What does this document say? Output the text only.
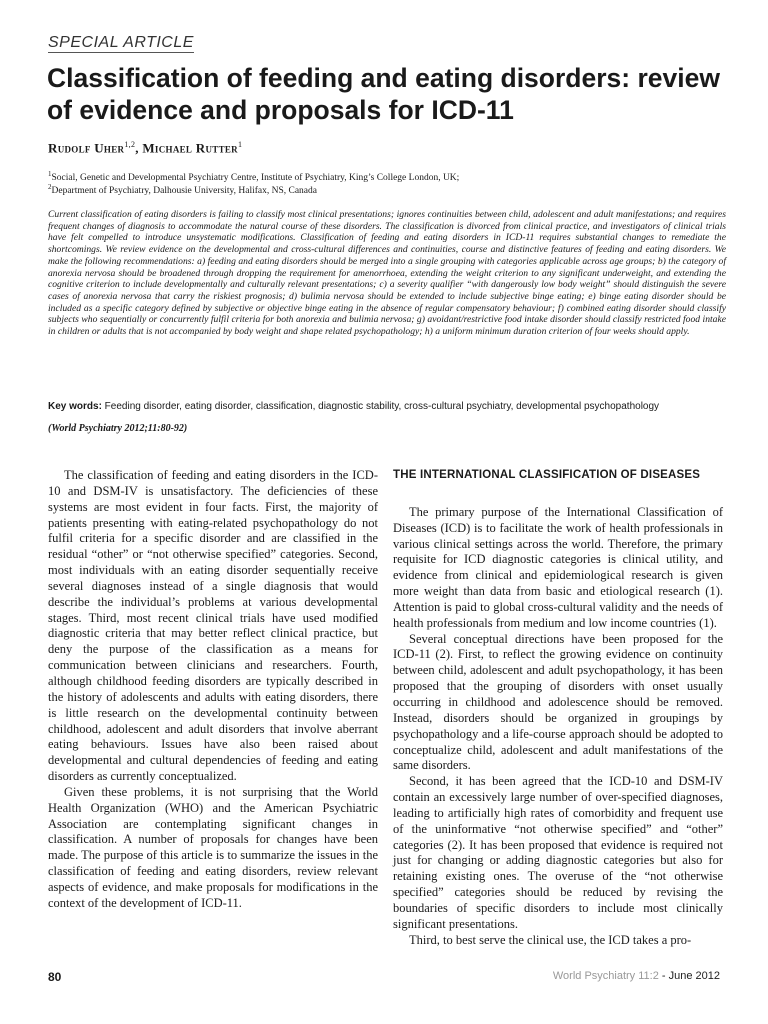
SPECIAL ARTICLE
Classification of feeding and eating disorders: review of evidence and proposals for ICD-11
Rudolf Uher$^{1,2}$, Michael Rutter$^1$
$^1$Social, Genetic and Developmental Psychiatry Centre, Institute of Psychiatry, King’s College London, UK;
$^2$Department of Psychiatry, Dalhousie University, Halifax, NS, Canada

Current classification of eating disorders is failing to classify most clinical presentations; ignores continuities between child, adolescent and adult manifestations; and requires frequent changes of diagnosis to accommodate the natural course of these disorders. The classification is divorced from clinical practice, and investigators of clinical trials have felt compelled to introduce unsystematic modifications. Classification of feeding and eating disorders in ICD-11 requires substantial changes to remediate the shortcomings. We review evidence on the developmental and cross-cultural differences and continuities, course and distinctive features of feeding and eating disorders. We make the following recommendations: a) feeding and eating disorders should be merged into a single grouping with categories applicable across age groups; b) the category of anorexia nervosa should be broadened through dropping the requirement for amenorrhoea, extending the weight criterion to any significant underweight, and extending the cognitive criterion to include developmentally and culturally relevant presentations; c) a severity qualifier “with dangerously low body weight” should distinguish the severe cases of anorexia nervosa that carry the riskiest prognosis; d) bulimia nervosa should be extended to include subjective binge eating; e) binge eating disorder should be included as a specific category defined by subjective or objective binge eating in the absence of regular compensatory behaviour; f) combined eating disorder should classify subjects who sequentially or concurrently fulfil criteria for both anorexia and bulimia nervosa; g) avoidant/restrictive food intake disorder should classify restricted food intake in children or adults that is not accompanied by body weight and shape related psychopathology; h) a uniform minimum duration criterion of four weeks should apply.

Key words: Feeding disorder, eating disorder, classification, diagnostic stability, cross-cultural psychiatry, developmental psychopathology
(World Psychiatry 2012;11:80-92)

The classification of feeding and eating disorders in the ICD-10 and DSM-IV is unsatisfactory. The deficiencies of these systems are most evident in four facts. First, the majority of patients presenting with eating-related psychopathology do not fulfil criteria for a specific disorder and are classified in the residual “other” or “not otherwise specified” categories. Second, most individuals with an eating disorder sequentially receive several diagnoses instead of a single diagnosis that would describe the individual’s problems at various developmental stages. Third, most recent clinical trials have used modified diagnostic criteria that may better reflect clinical practice, but deny the purpose of the classification as a means for communication between clinicians and researchers. Fourth, although childhood feeding disorders are typically described in the history of adolescents and adults with eating disorders, there is little research on the developmental continuity between childhood, adolescent and adult disorders that involve aberrant eating behaviours. Issues have also been raised about developmental and cultural dependencies of feeding and eating disorders as currently conceptualized.

Given these problems, it is not surprising that the World Health Organization (WHO) and the American Psychiatric Association are contemplating significant changes in classification. A number of proposals for changes have been made. The purpose of this article is to summarize the issues in the classification of feeding and eating disorders, review relevant aspects of evidence, and make proposals for modifications in the context of the development of ICD-11.

THE INTERNATIONAL CLASSIFICATION OF DISEASES

The primary purpose of the International Classification of Diseases (ICD) is to facilitate the work of health professionals in various clinical settings across the world. Therefore, the primary requisite for ICD diagnostic categories is clinical utility, and evidence from clinical and epidemiological research is given more weight than data from basic and etiological research (1). Attention is paid to global cross-cultural validity and the needs of health professionals from medium and low income countries (1).

Several conceptual directions have been proposed for the ICD-11 (2). First, to reflect the growing evidence on continuity between child, adolescent and adult psychopathology, it has been proposed that the grouping of disorders with onset usually occurring in childhood and adolescence should be removed. Instead, disorders should be organized in groupings by psychopathology and a life-course approach should be adopted to conceptualize child, adolescent and adult manifestations of the same disorders.

Second, it has been agreed that the ICD-10 and DSM-IV contain an excessively large number of over-specified diagnoses, leading to artificially high rates of comorbidity and frequent use of the uninformative “not otherwise specified” and “other” categories (2). It has been proposed that evidence is required not just for changing or adding diagnostic categories but also for retaining existing ones. The overuse of the “not otherwise specified” categories should be reduced by revising the boundaries of specific disorders to include most clinically significant presentations.

Third, to best serve the clinical use, the ICD takes a pro-

80	World Psychiatry 11:2 - June 2012
